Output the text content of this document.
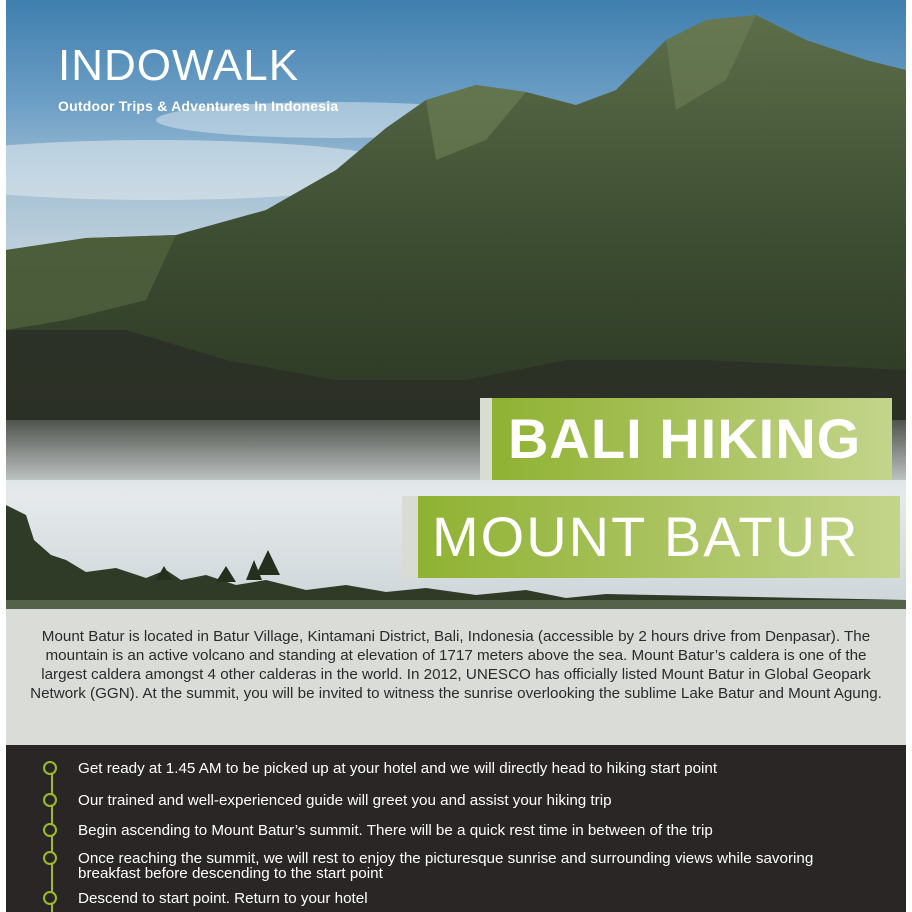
INDOWALK
Outdoor Trips & Adventures In Indonesia
BALI HIKING
MOUNT BATUR

Mount Batur is located in Batur Village, Kintamani District, Bali, Indonesia (accessible by 2 hours drive from Denpasar). The mountain is an active volcano and standing at elevation of 1717 meters above the sea. Mount Batur’s caldera is one of the largest caldera amongst 4 other calderas in the world. In 2012, UNESCO has officially listed Mount Batur in Global Geopark Network (GGN). At the summit, you will be invited to witness the sunrise overlooking the sublime Lake Batur and Mount Agung.

Get ready at 1.45 AM to be picked up at your hotel and we will directly head to hiking start point
Our trained and well-experienced guide will greet you and assist your hiking trip
Begin ascending to Mount Batur’s summit. There will be a quick rest time in between of the trip
Once reaching the summit, we will rest to enjoy the picturesque sunrise and surrounding views while savoring breakfast before descending to the start point
Descend to start point. Return to your hotel
